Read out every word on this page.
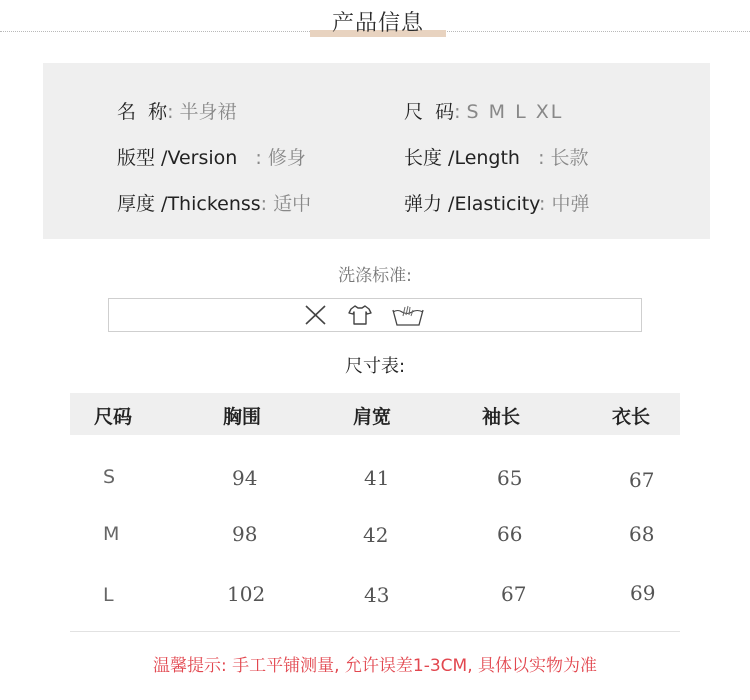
产品信息
名  称: 半身裙	尺  码: S M L XL
版型 /Version   : 修身	长度 /Length   : 长款
厚度 /Thickenss: 适中	弹力 /Elasticity: 中弹
洗涤标准:
尺寸表:
尺码	胸围	肩宽	袖长	衣长
S	94	41	65	67
M	98	42	66	68
L	102	43	67	69
温馨提示: 手工平铺测量, 允许误差1-3CM, 具体以实物为准
